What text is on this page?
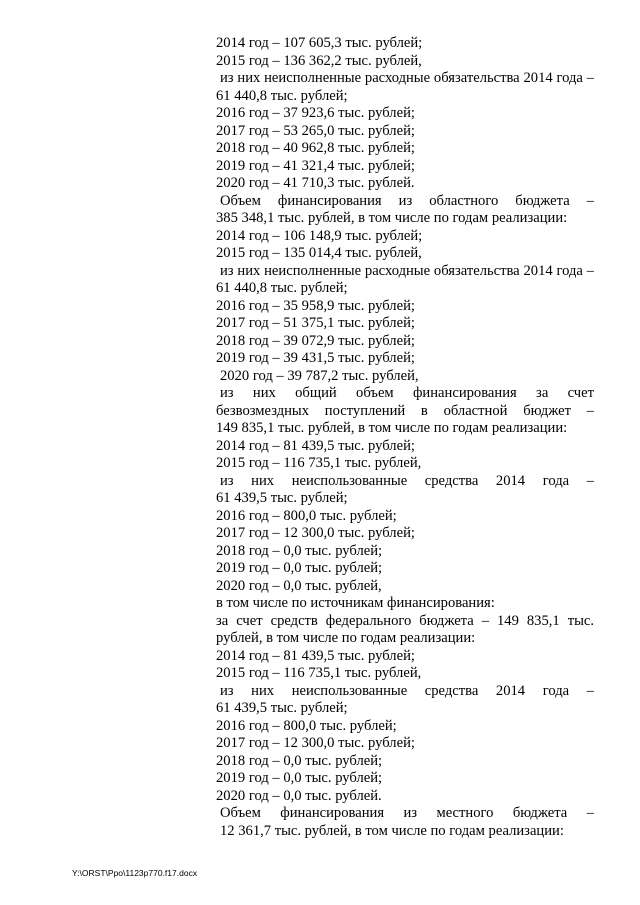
2014 год – 107 605,3 тыс. рублей;
2015 год – 136 362,2 тыс. рублей,
из них неисполненные расходные обязательства 2014 года –
61 440,8 тыс. рублей;
2016 год – 37 923,6 тыс. рублей;
2017 год – 53 265,0 тыс. рублей;
2018 год – 40 962,8 тыс. рублей;
2019 год – 41 321,4 тыс. рублей;
2020 год – 41 710,3 тыс. рублей.
Объем финансирования из областного бюджета –
385 348,1 тыс. рублей, в том числе по годам реализации:
2014 год – 106 148,9 тыс. рублей;
2015 год – 135 014,4 тыс. рублей,
из них неисполненные расходные обязательства 2014 года –
61 440,8 тыс. рублей;
2016 год – 35 958,9 тыс. рублей;
2017 год – 51 375,1 тыс. рублей;
2018 год – 39 072,9 тыс. рублей;
2019 год – 39 431,5 тыс. рублей;
2020 год – 39 787,2 тыс. рублей,
из них общий объем финансирования за счет
безвозмездных поступлений в областной бюджет –
149 835,1 тыс. рублей, в том числе по годам реализации:
2014 год – 81 439,5 тыс. рублей;
2015 год – 116 735,1 тыс. рублей,
из них неиспользованные средства 2014 года –
61 439,5 тыс. рублей;
2016 год – 800,0 тыс. рублей;
2017 год – 12 300,0 тыс. рублей;
2018 год – 0,0 тыс. рублей;
2019 год – 0,0 тыс. рублей;
2020 год – 0,0 тыс. рублей,
в том числе по источникам финансирования:
за счет средств федерального бюджета – 149 835,1 тыс.
рублей, в том числе по годам реализации:
2014 год – 81 439,5 тыс. рублей;
2015 год – 116 735,1 тыс. рублей,
из них неиспользованные средства 2014 года –
61 439,5 тыс. рублей;
2016 год – 800,0 тыс. рублей;
2017 год – 12 300,0 тыс. рублей;
2018 год – 0,0 тыс. рублей;
2019 год – 0,0 тыс. рублей;
2020 год – 0,0 тыс. рублей.
Объем финансирования из местного бюджета –
12 361,7 тыс. рублей, в том числе по годам реализации:
Y:\ORST\Ppo\1123p770.f17.docx
